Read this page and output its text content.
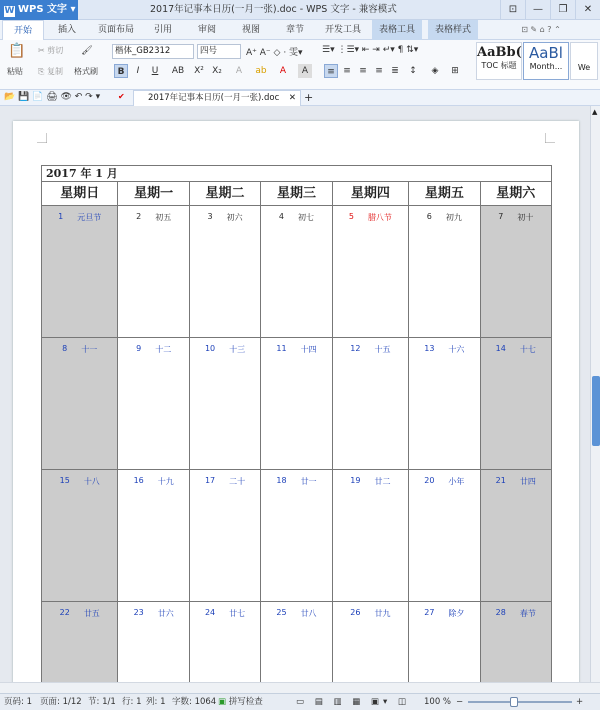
W WPS 文字 ▾	2017年记事本日历(一月一张).doc - WPS 文字 - 兼容模式	⊡	—	❐	✕
开始	插入	页面布局	引用	审阅	视图	章节	开发工具	表格工具	表格样式	⊡ ✎ ⌂ ? ⌃
📋
粘贴
✂ 剪切
⎘ 复制
🖌
格式刷
楷体_GB2312	四号	A⁺ A⁻ ◇ · 雯▾
B	I	U	AB	X² X₂	A	ab	A	A
☰▾ ⋮☰▾ ⇤ ⇥ ↵▾ ¶ ⇅▾
≡ ≡ ≡ ≡ ≣	↕	◈	⊞
AaBb(
TOC 标题
AaBl
Month...	We
📂 💾 📄 🖨 👁 ↶ ↷ ▾ ✔	2017年记事本日历(一月一张).doc ✕ +
2017 年 1 月						
星期日	星期一	星期二	星期三	星期四	星期五	星期六

1 元旦节	2 初五	3 初六	4 初七	5 腊八节	6 初九	7 初十

8 十一	9 十二	10 十三	11 十四	12 十五	13 十六	14 十七

15 十八	16 十九	17 二十	18 廿一	19 廿二	20 小年	21 廿四

22 廿五	23 廿六	24 廿七	25 廿八	26 廿九	27 除夕	28 春节
▲
页码: 1 页面: 1/12 节: 1/1 行: 1 列: 1 字数: 1064 ▣ 拼写检查	▭ ▤ ▥ ▦ ▣▾ ◫ 100 % −	+
